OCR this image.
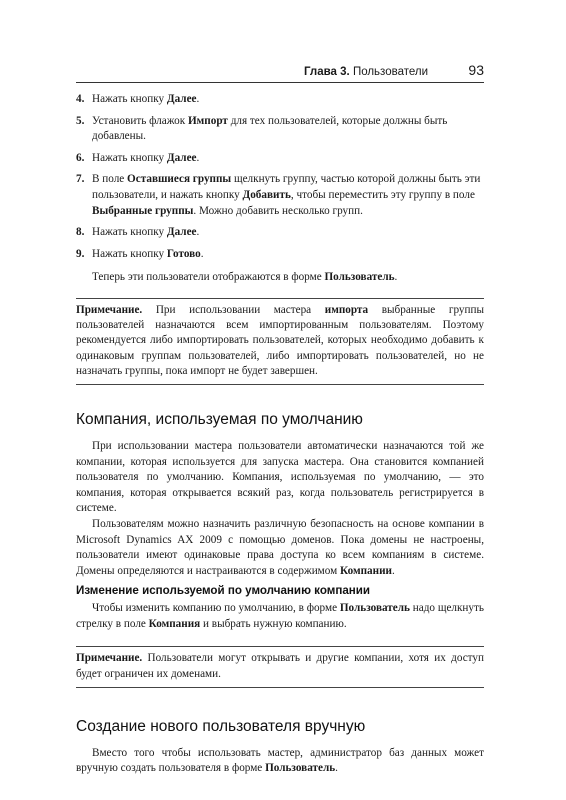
Глава 3. Пользователи	93
4. Нажать кнопку Далее.
5. Установить флажок Импорт для тех пользователей, которые должны быть добавлены.
6. Нажать кнопку Далее.
7. В поле Оставшиеся группы щелкнуть группу, частью которой должны быть эти пользователи, и нажать кнопку Добавить, чтобы переместить эту группу в поле Выбранные группы. Можно добавить несколько групп.
8. Нажать кнопку Далее.
9. Нажать кнопку Готово.

Теперь эти пользователи отображаются в форме Пользователь.

Примечание. При использовании мастера импорта выбранные группы пользователей назначаются всем импортированным пользователям. Поэтому рекомендуется либо импортировать пользователей, которых необходимо добавить к одинаковым группам пользователей, либо импортировать пользователей, но не назначать группы, пока импорт не будет завершен.

Компания, используемая по умолчанию

При использовании мастера пользователи автоматически назначаются той же компании, которая используется для запуска мастера. Она становится компанией пользователя по умолчанию. Компания, используемая по умолчанию, — это компания, которая открывается всякий раз, когда пользователь регистрируется в системе.

Пользователям можно назначить различную безопасность на основе компании в Microsoft Dynamics AX 2009 с помощью доменов. Пока домены не настроены, пользователи имеют одинаковые права доступа ко всем компаниям в системе. Домены определяются и настраиваются в содержимом Компании.

Изменение используемой по умолчанию компании

Чтобы изменить компанию по умолчанию, в форме Пользователь надо щелкнуть стрелку в поле Компания и выбрать нужную компанию.

Примечание. Пользователи могут открывать и другие компании, хотя их доступ будет ограничен их доменами.

Создание нового пользователя вручную

Вместо того чтобы использовать мастер, администратор баз данных может вручную создать пользователя в форме Пользователь.
